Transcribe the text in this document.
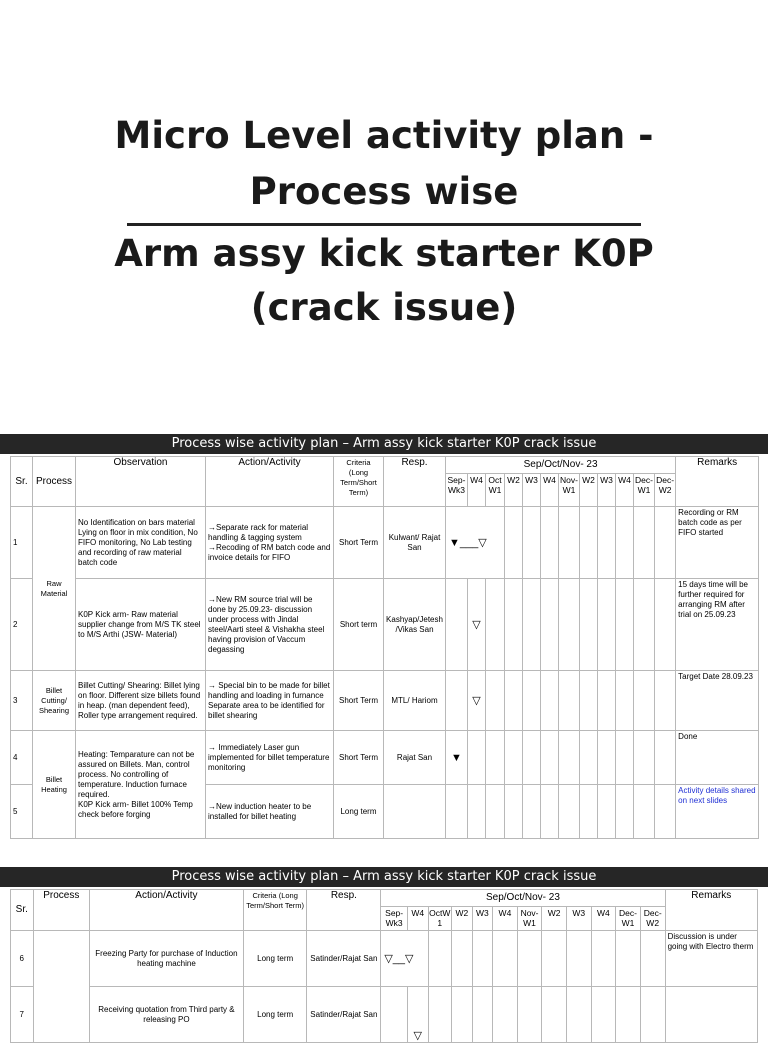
Micro Level activity plan -
Process wise
Arm assy kick starter K0P
(crack issue)
Process wise activity plan – Arm assy kick starter K0P crack issue
Sr.	Process	Observation	Action/Activity	Criteria (Long Term/Short Term)	Resp.	Sep/Oct/Nov- 23												Remarks
						Sep-Wk3	W4	Oct W1	W2	W3	W4	Nov-W1	W2	W3	W4	Dec-W1	Dec-W2	
1	Raw Material	No Identification on bars material Lying on floor in mix condition, No FIFO monitoring, No Lab testing and recording of raw material batch code	→Separate rack for material handling & tagging system →Recoding of RM batch code and invoice details for FIFO	Short Term	Kulwant/ Rajat San	▼___▽												Recording or RM batch code as per FIFO started
2		K0P Kick arm- Raw material supplier change from M/S TK steel to M/S Arthi (JSW- Material)	→New RM source trial will be done by 25.09.23- discussion under process with Jindal steel/Aarti steel & Vishakha steel having provision of Vaccum degassing	Short term	Kashyap/Jetesh /Vikas San		▽											15 days time will be further required for arranging RM after trial on 25.09.23
3	Billet Cutting/ Shearing	Billet Cutting/ Shearing: Billet lying on floor. Different size billets found in heap. (man dependent feed), Roller type arrangement required.	→ Special bin to be made for billet handling and loading in furnance Separate area to be identified for billet shearing	Short Term	MTL/ Hariom		▽											Target Date 28.09.23
4	Billet Heating	Heating: Temparature can not be assured on Billets. Man, control process. No controlling of temperature. Induction furnace required.
K0P Kick arm- Billet 100% Temp check before forging	→ Immediately Laser gun implemented for billet temperature monitoring	Short Term	Rajat San	▼												Done
5			→New induction heater to be installed for billet heating	Long term														Activity details shared on next slides
Process wise activity plan – Arm assy kick starter K0P crack issue
Sr.	Process	Action/Activity	Criteria (Long Term/Short Term)	Resp.	Sep/Oct/Nov- 23												Remarks
					Sep-Wk3	W4	OctW 1	W2	W3	W4	Nov-W1	W2	W3	W4	Dec-W1	Dec-W2	
6		Freezing Party for purchase of Induction heating machine	Long term	Satinder/Rajat San	▽__▽												Discussion is under going with Electro therm
7		Receiving quotation from Third party & releasing PO	Long term	Satinder/Rajat San		▽											
